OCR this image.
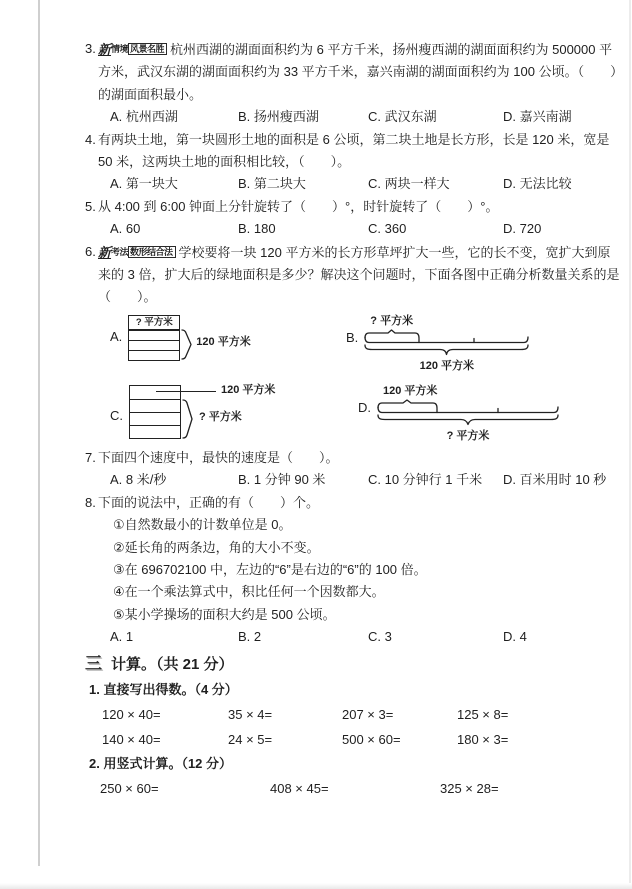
3. 新情境 风景名胜 杭州西湖的湖面面积约为 6 平方千米，扬州瘦西湖的湖面面积约为 500000 平方米，武汉东湖的湖面面积约为 33 平方千米，嘉兴南湖的湖面面积约为 100 公顷。（　　）的湖面面积最小。

A. 杭州西湖	B. 扬州瘦西湖	C. 武汉东湖	D. 嘉兴南湖
4. 有两块土地，第一块圆形土地的面积是 6 公顷，第二块土地是长方形，长是 120 米，宽是 50 米，这两块土地的面积相比较，（　　）。

A. 第一块大	B. 第二块大	C. 两块一样大	D. 无法比较
5. 从 4:00 到 6:00 钟面上分针旋转了（　　）°，时针旋转了（　　）°。

A. 60	B. 180	C. 360	D. 720
6. 新考法 数形结合法 学校要将一块 120 平方米的长方形草坪扩大一些，它的长不变，宽扩大到原来的 3 倍，扩大后的绿地面积是多少？解决这个问题时，下面各图中正确分析数量关系的是（　　）。

A.
? 平方米
120 平方米	B.
? 平方米
120 平方米
C.
120 平方米
? 平方米
D.
120 平方米
? 平方米
7. 下面四个速度中，最快的速度是（　　）。

A. 8 米/秒	B. 1 分钟 90 米	C. 10 分钟行 1 千米	D. 百米用时 10 秒
8. 下面的说法中，正确的有（　　）个。

①自然数最小的计数单位是 0。
②延长角的两条边，角的大小不变。
③在 696702100 中，左边的“6”是右边的“6”的 100 倍。
④在一个乘法算式中，积比任何一个因数都大。
⑤某小学操场的面积大约是 500 公顷。
A. 1	B. 2	C. 3	D. 4
三 计算。（共 21 分）
1. 直接写出得数。（4 分）
120 × 40=	35 × 4=	207 × 3=	125 × 8=
140 × 40=	24 × 5=	500 × 60=	180 × 3=
2. 用竖式计算。（12 分）
250 × 60=	408 × 45=	325 × 28=
